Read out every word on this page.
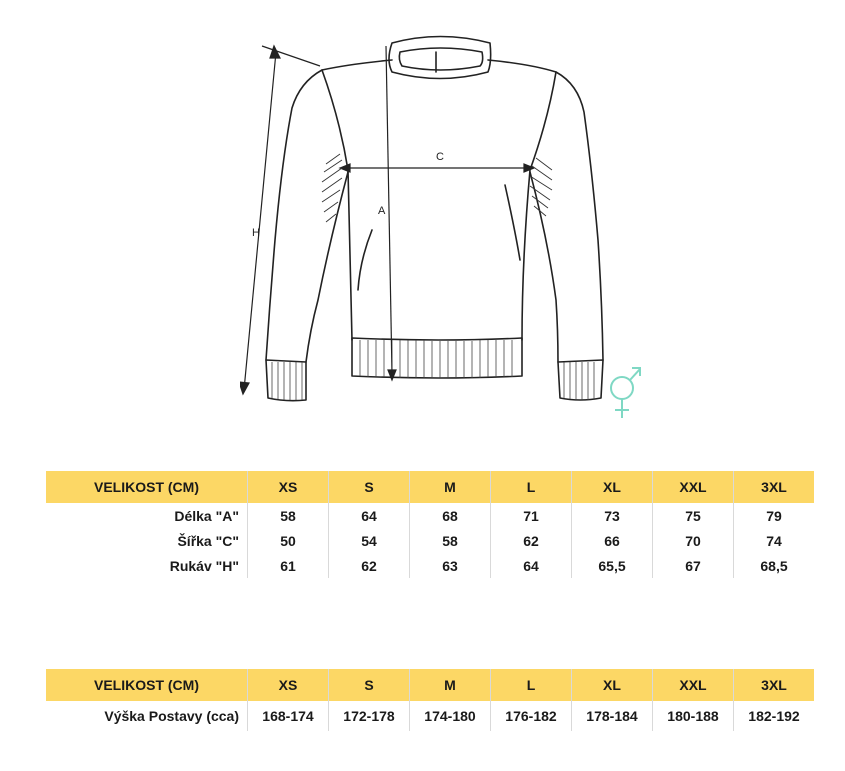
A
C
H
VELIKOST (CM)	XS	S	M	L	XL	XXL	3XL
Délka "A"	58	64	68	71	73	75	79
Šířka "C"	50	54	58	62	66	70	74
Rukáv "H"	61	62	63	64	65,5	67	68,5
VELIKOST (CM)	XS	S	M	L	XL	XXL	3XL
Výška Postavy (cca)	168-174	172-178	174-180	176-182	178-184	180-188	182-192
